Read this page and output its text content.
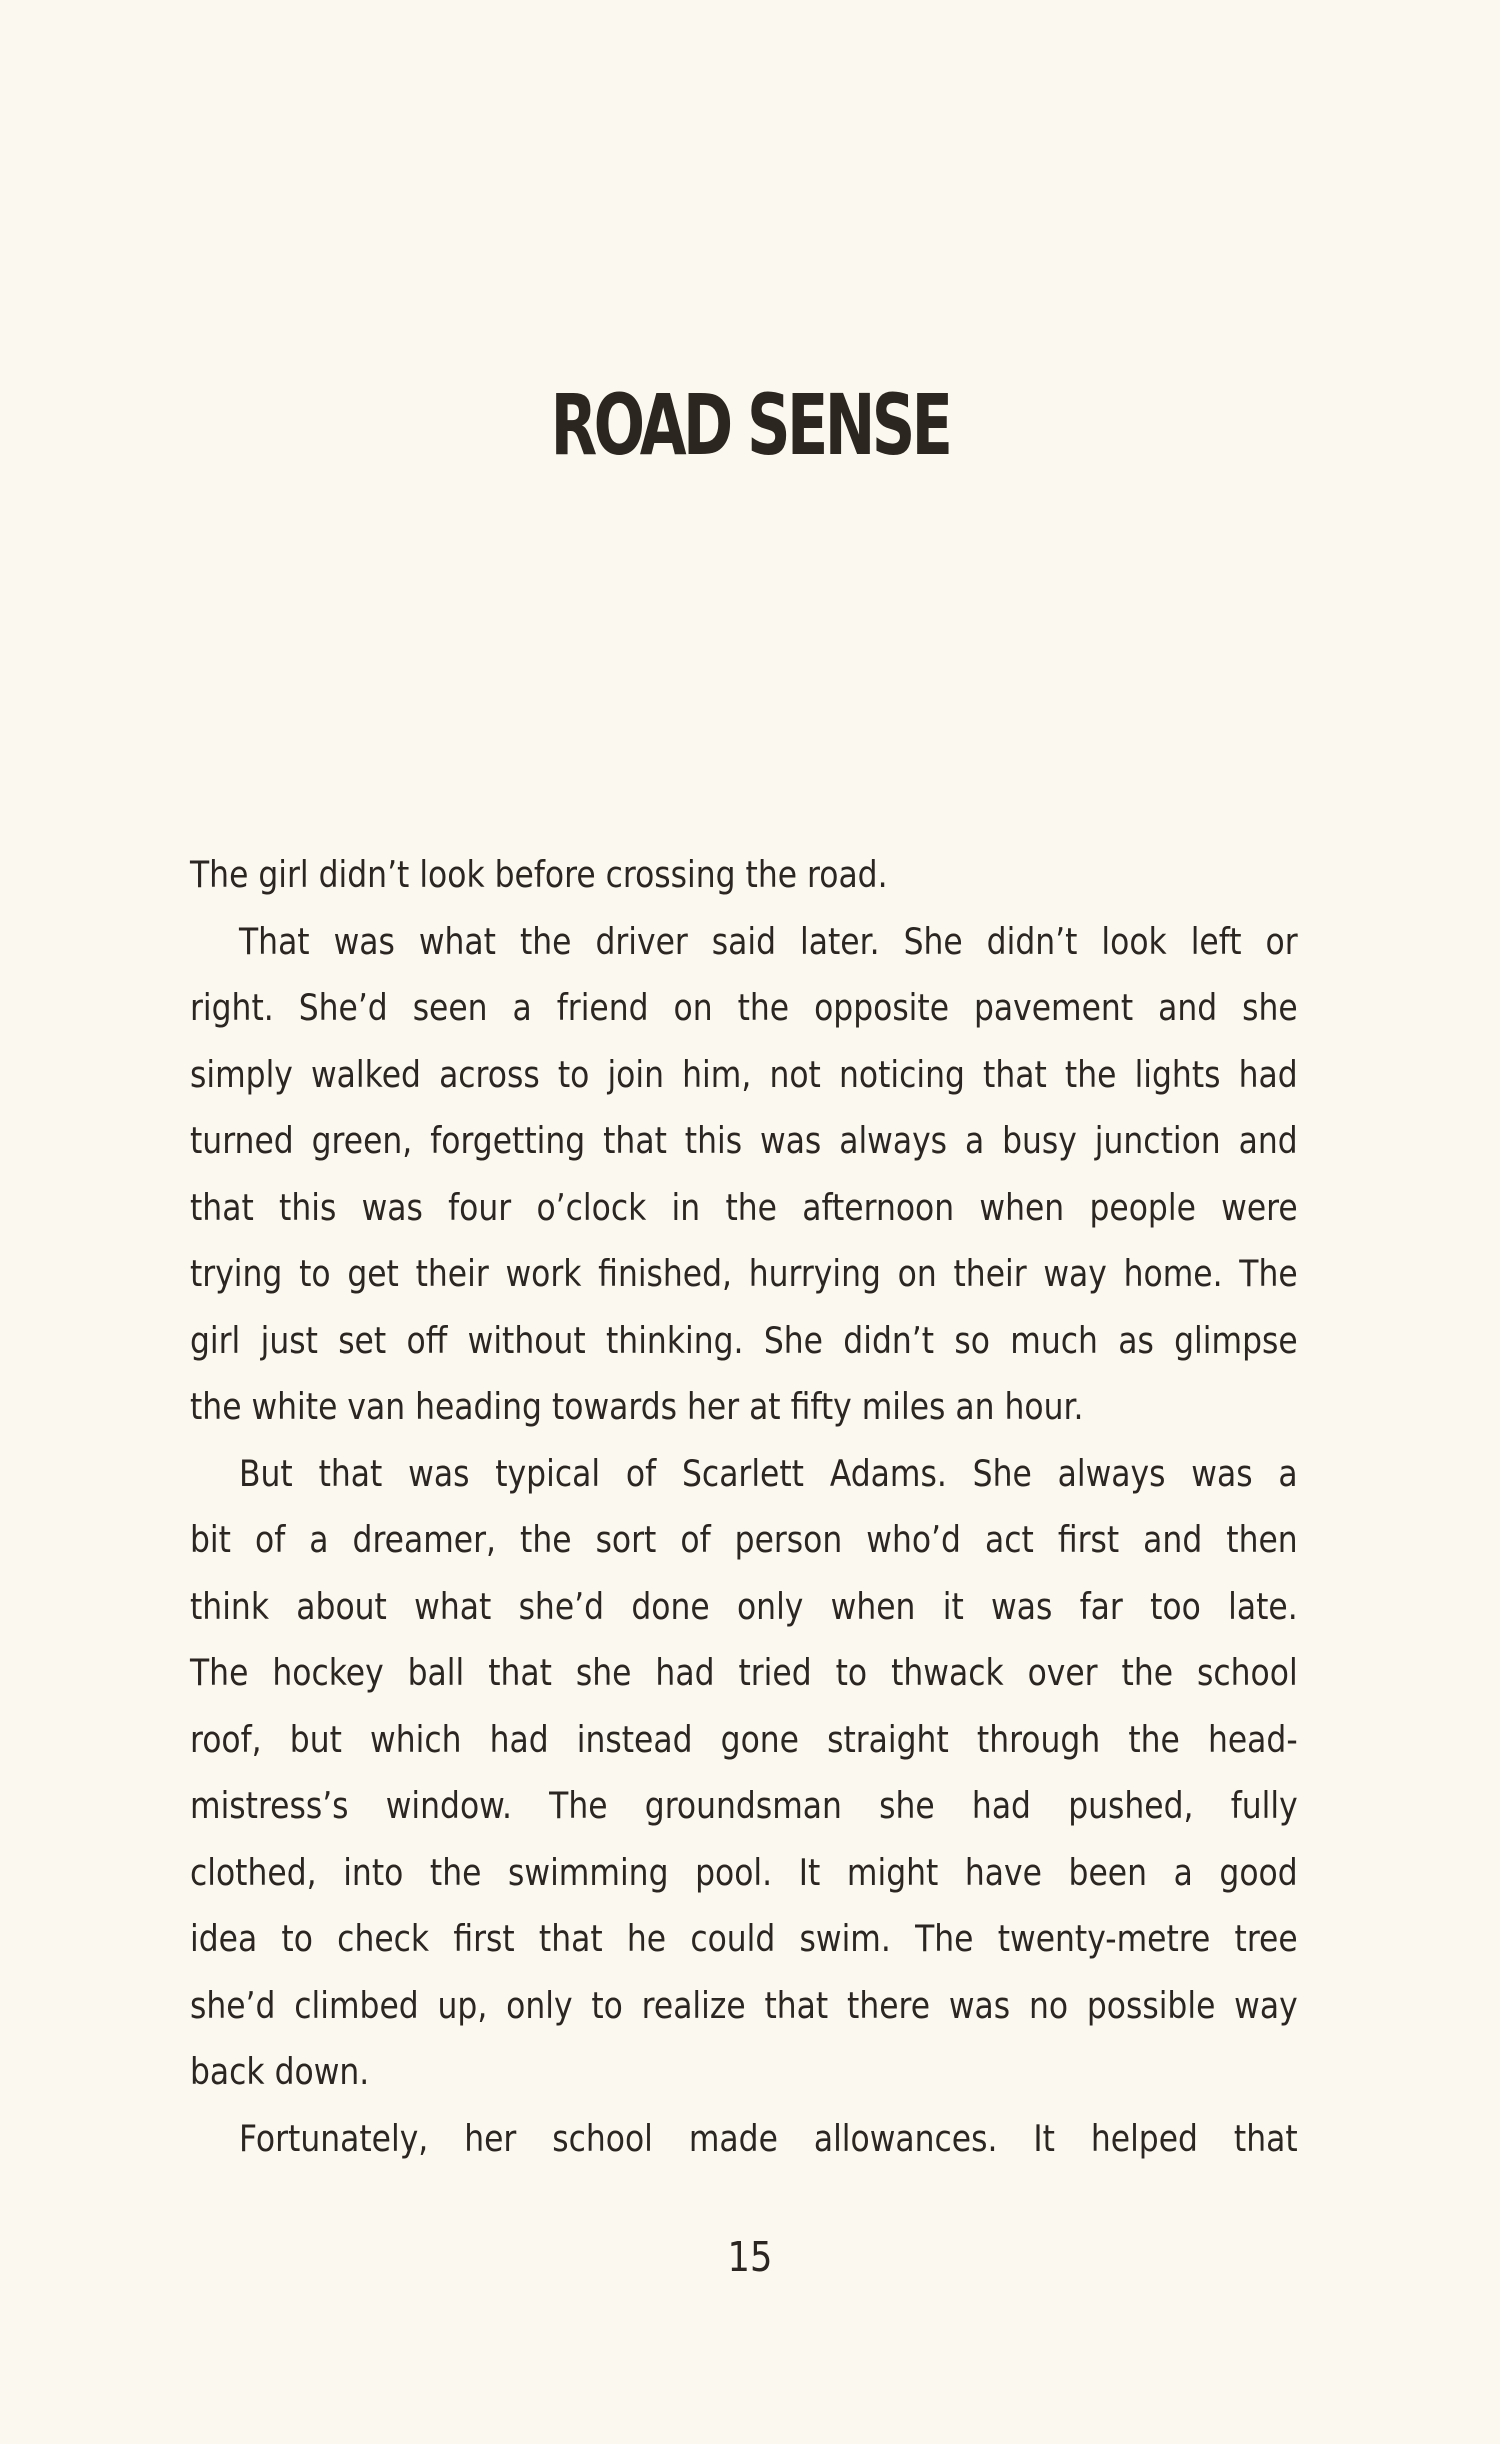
ROAD SENSE
The girl didn’t look before crossing the road.
That was what the driver said later. She didn’t look left or
right. She’d seen a friend on the opposite pavement and she
simply walked across to join him, not noticing that the lights had
turned green, forgetting that this was always a busy junction and
that this was four o’clock in the afternoon when people were
trying to get their work finished, hurrying on their way home. The
girl just set off without thinking. She didn’t so much as glimpse
the white van heading towards her at fifty miles an hour.
But that was typical of Scarlett Adams. She always was a
bit of a dreamer, the sort of person who’d act first and then
think about what she’d done only when it was far too late.
The hockey ball that she had tried to thwack over the school
roof, but which had instead gone straight through the head-
mistress’s window. The groundsman she had pushed, fully
clothed, into the swimming pool. It might have been a good
idea to check first that he could swim. The twenty-metre tree
she’d climbed up, only to realize that there was no possible way
back down.
Fortunately, her school made allowances. It helped that
15
